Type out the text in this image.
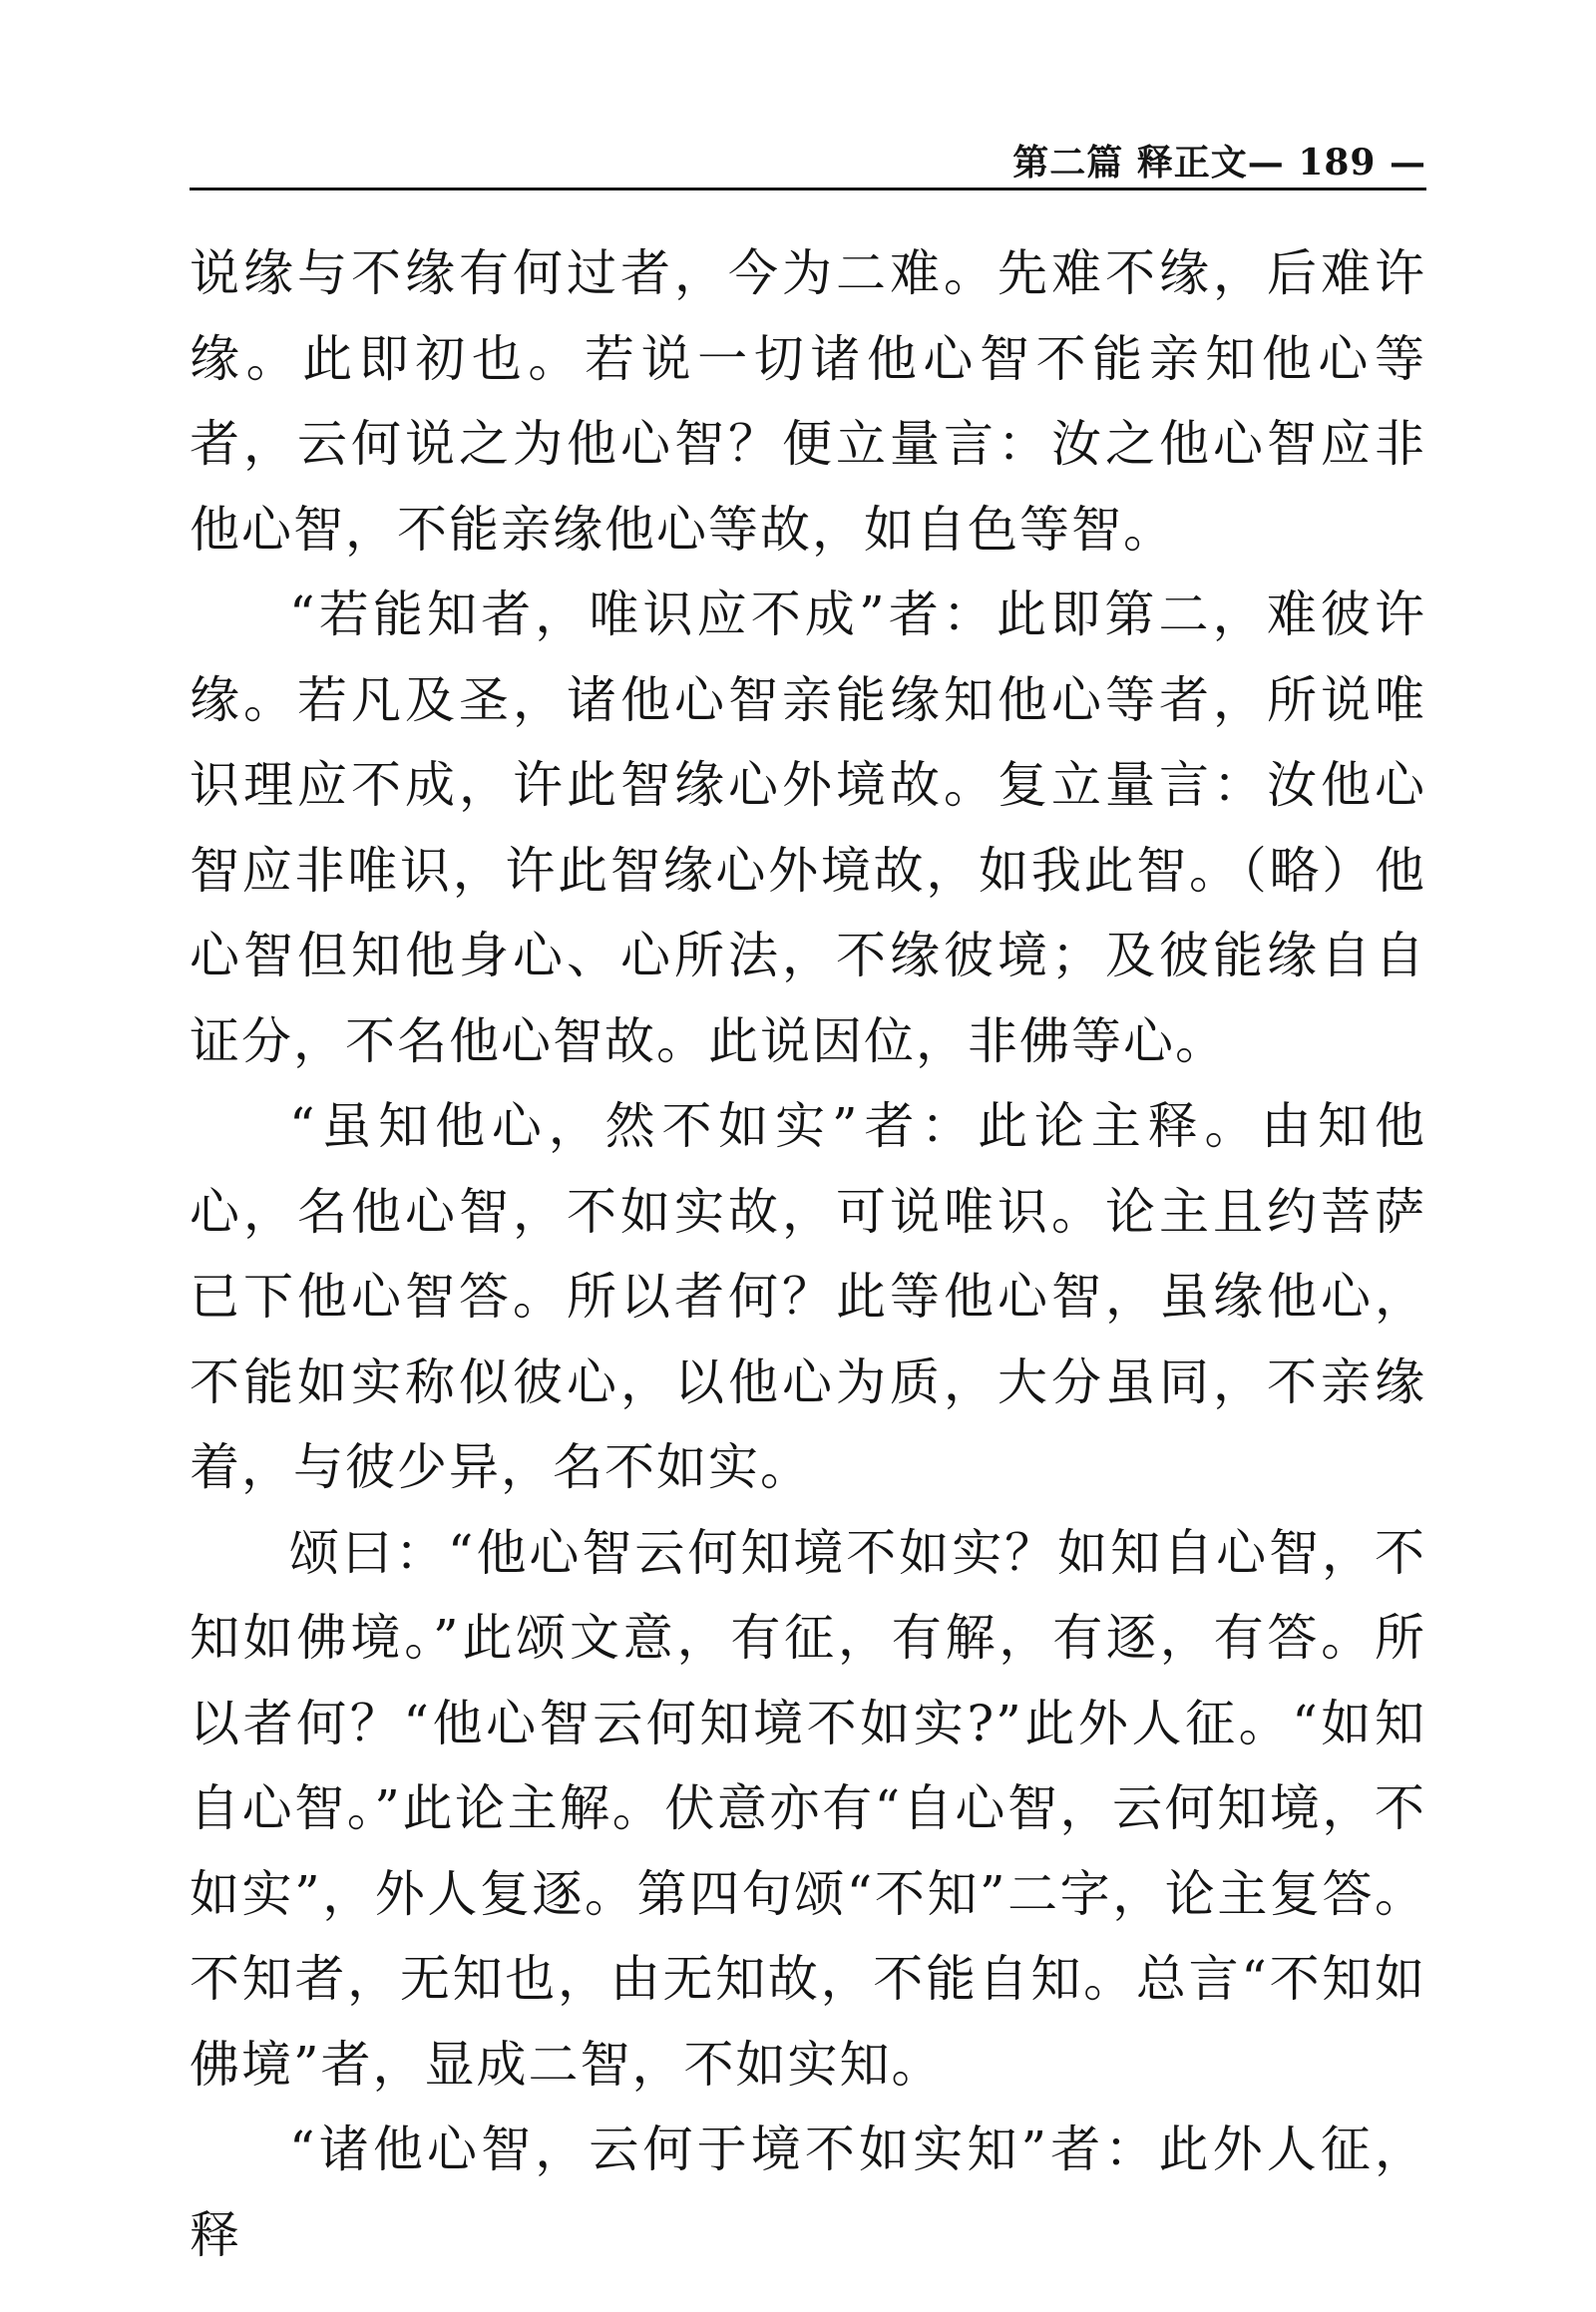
第二篇 释正文— 189 —

说缘与不缘有何过者，今为二难。先难不缘，后难许缘。此即初也。若说一切诸他心智不能亲知他心等者，云何说之为他心智？便立量言：汝之他心智应非他心智，不能亲缘他心等故，如自色等智。

“若能知者，唯识应不成”者：此即第二，难彼许缘。若凡及圣，诸他心智亲能缘知他心等者，所说唯识理应不成，许此智缘心外境故。复立量言：汝他心智应非唯识，许此智缘心外境故，如我此智。（略）他心智但知他身心、心所法，不缘彼境；及彼能缘自自证分，不名他心智故。此说因位，非佛等心。

“虽知他心，然不如实”者：此论主释。由知他心，名他心智，不如实故，可说唯识。论主且约菩萨已下他心智答。所以者何？此等他心智，虽缘他心，不能如实称似彼心，以他心为质，大分虽同，不亲缘着，与彼少异，名不如实。

颂曰：“他心智云何知境不如实？如知自心智，不知如佛境。”此颂文意，有征，有解，有逐，有答。所以者何？“他心智云何知境不如实?”此外人征。“如知自心智。”此论主解。伏意亦有“自心智，云何知境，不如实”，外人复逐。第四句颂“不知”二字，论主复答。不知者，无知也，由无知故，不能自知。总言“不知如佛境”者，显成二智，不如实知。

“诸他心智，云何于境不如实知”者：此外人征，释
